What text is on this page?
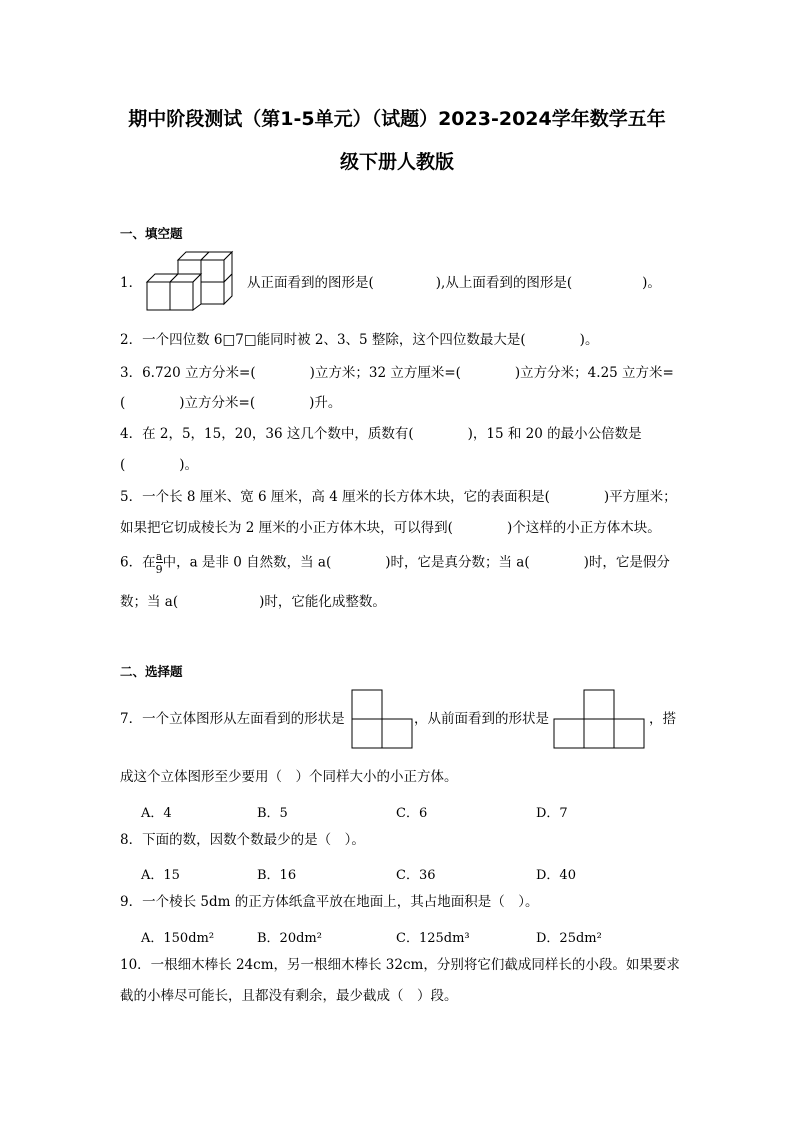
期中阶段测试（第1-5单元）（试题）2023-2024学年数学五年
级下册人教版
一、填空题
1．	从正面看到的图形是(	),从上面看到的图形是(	)。
2．一个四位数 6□7□能同时被 2、3、5 整除，这个四位数最大是(　　　　)。
3．6.720 立方分米=(　　　　)立方米；32 立方厘米=(　　　　)立方分米；4.25 立方米=
(　　　　)立方分米=(　　　　)升。
4．在 2，5，15，20，36 这几个数中，质数有(　　　　)，15 和 20 的最小公倍数是
(　　　　)。
5．一个长 8 厘米、宽 6 厘米，高 4 厘米的长方体木块，它的表面积是(　　　　)平方厘米；
如果把它切成棱长为 2 厘米的小正方体木块，可以得到(　　　　)个这样的小正方体木块。
6．在 $\frac{a}{9}$ 中，a 是非 0 自然数，当 a(　　　　)时，它是真分数；当 a(　　　　)时，它是假分
数；当 a(　　　　　　)时，它能化成整数。
二、选择题
7．一个立体图形从左面看到的形状是	，从前面看到的形状是	，搭
成这个立体图形至少要用（　）个同样大小的小正方体。
A．4	B．5	C．6	D．7
8．下面的数，因数个数最少的是（　）。
A．15	B．16	C．36	D．40
9．一个棱长 5dm 的正方体纸盒平放在地面上，其占地面积是（　）。
A．150dm²	B．20dm²	C．125dm³	D．25dm²
10．一根细木棒长 24cm，另一根细木棒长 32cm，分别将它们截成同样长的小段。如果要求
截的小棒尽可能长，且都没有剩余，最少截成（　）段。
